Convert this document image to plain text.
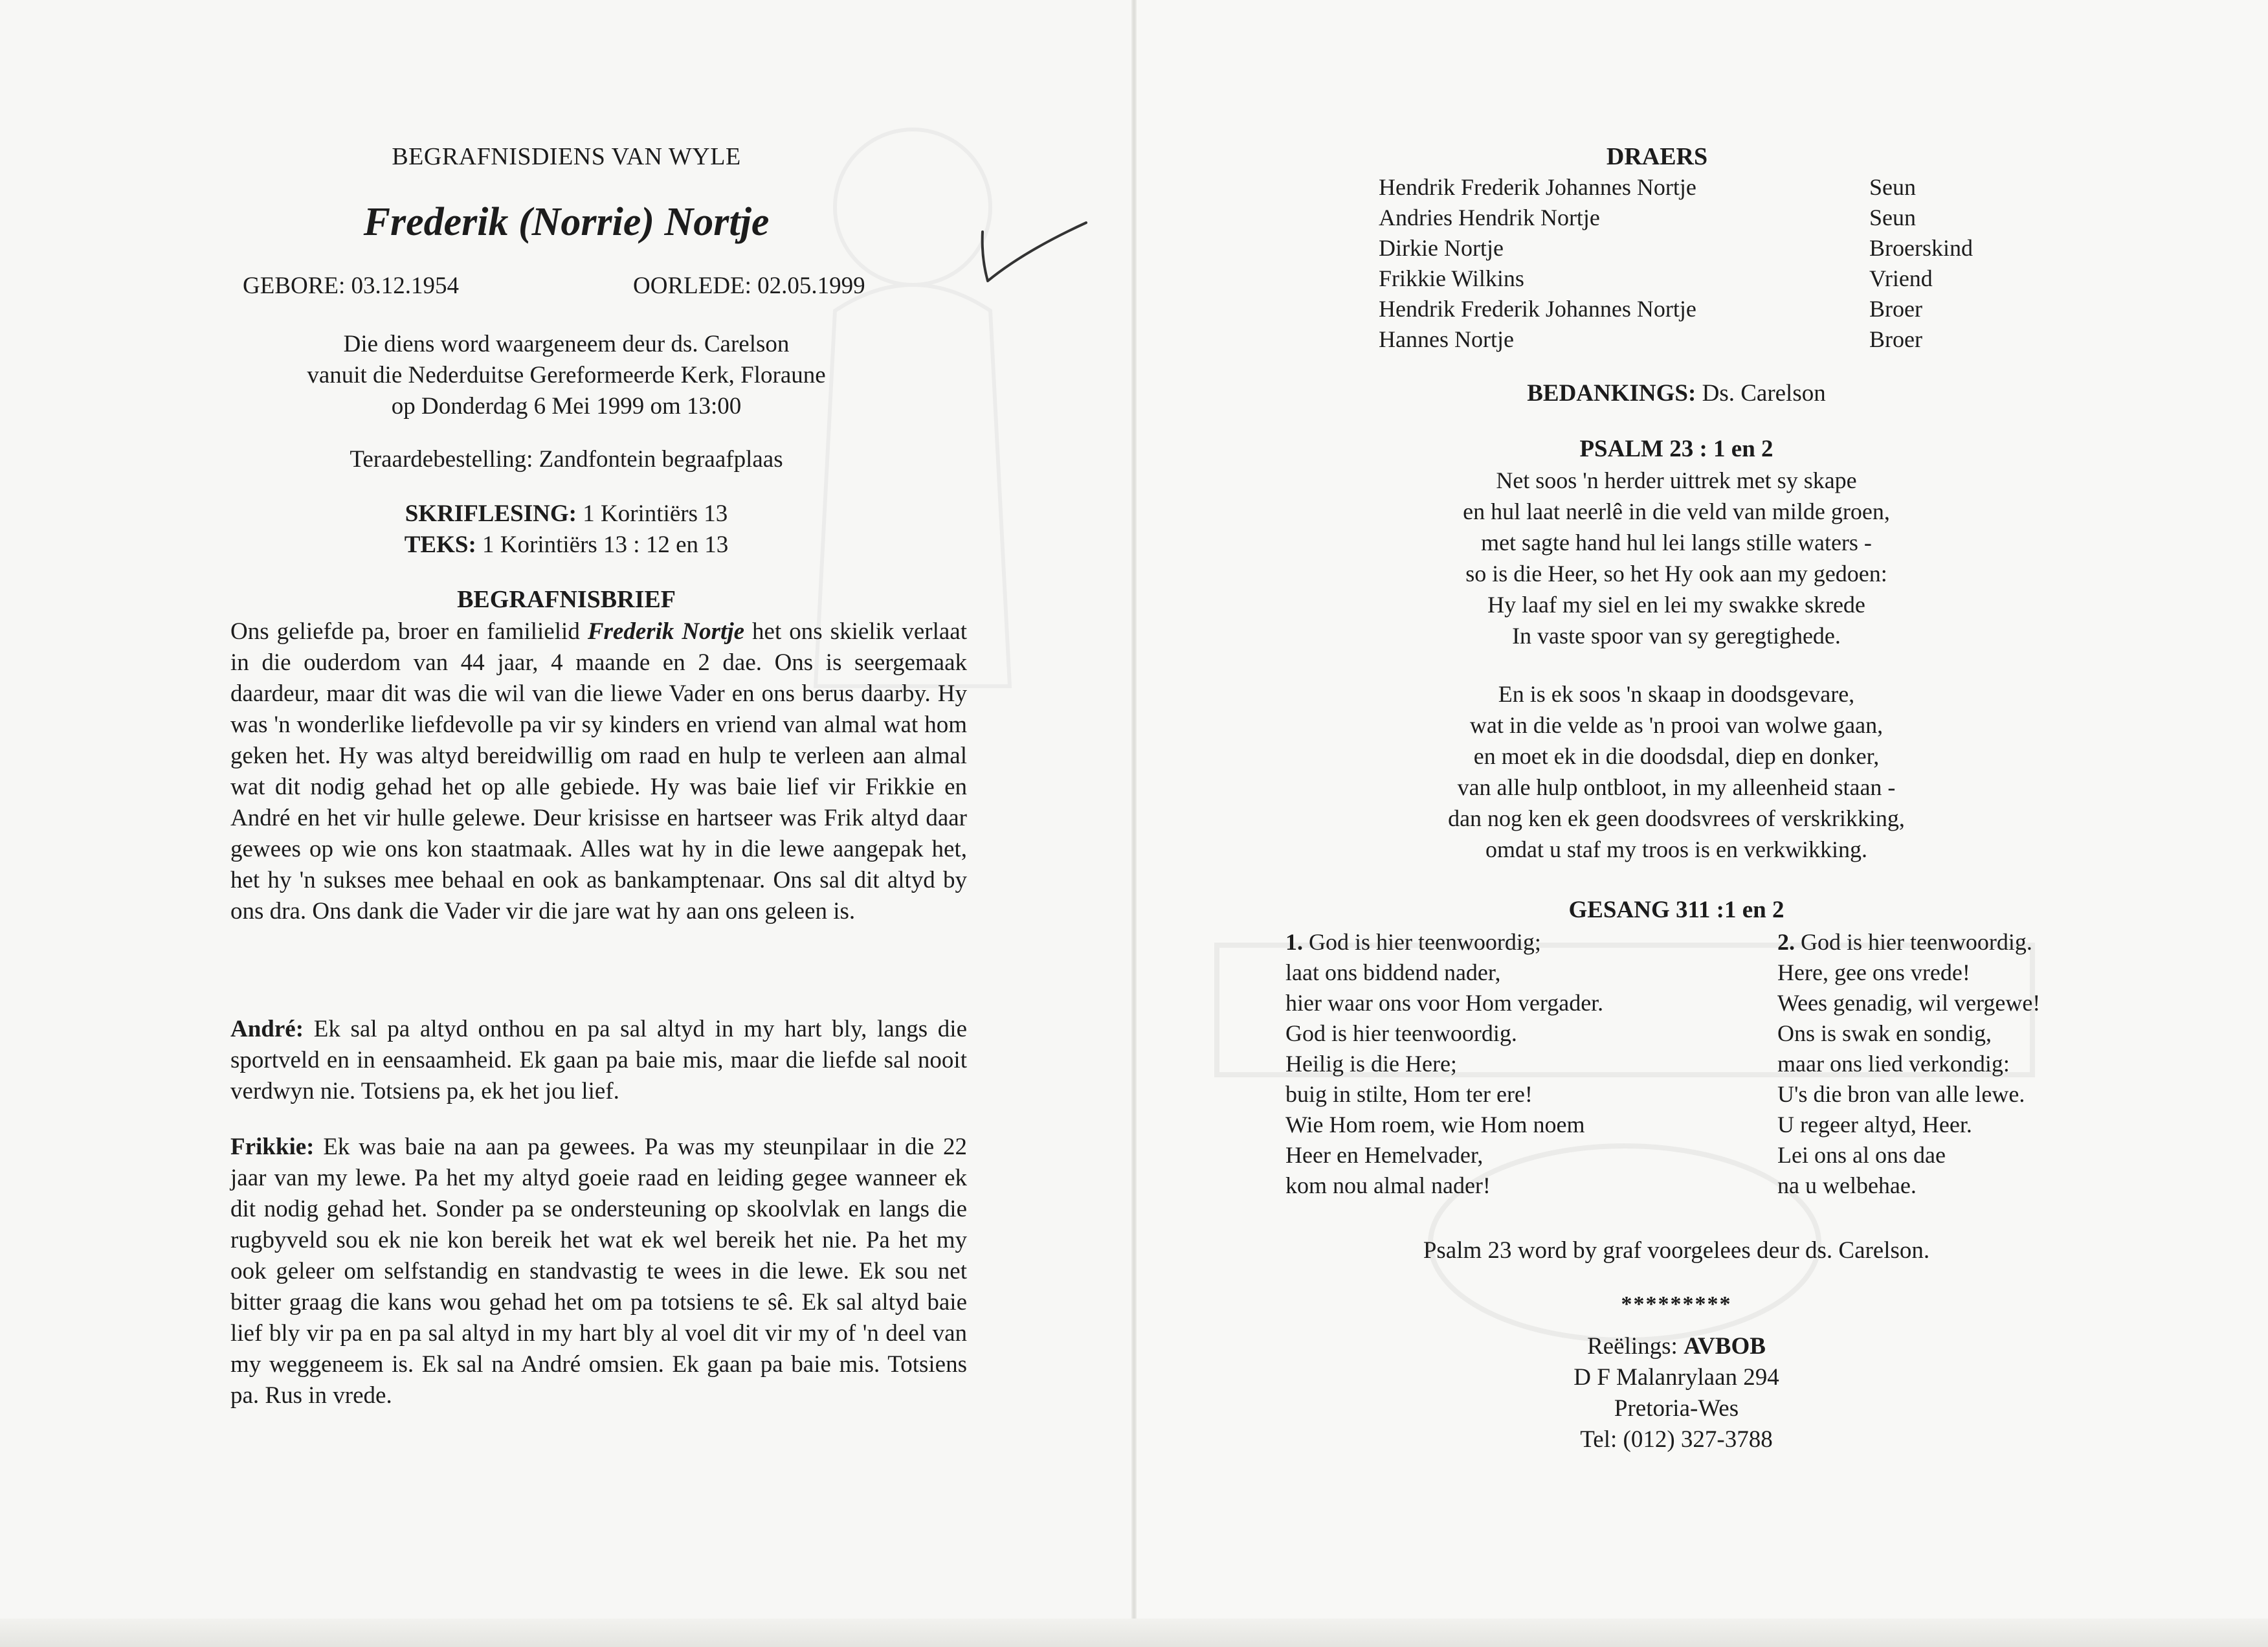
BEGRAFNISDIENS VAN WYLE
Frederik (Norrie) Nortje
GEBORE: 03.12.1954	OORLEDE: 02.05.1999
Die diens word waargeneem deur ds. Carelson
vanuit die Nederduitse Gereformeerde Kerk, Floraune
op Donderdag 6 Mei 1999 om 13:00
Teraardebestelling: Zandfontein begraafplaas
SKRIFLESING: 1 Korintiërs 13
TEKS: 1 Korintiërs 13 : 12 en 13
BEGRAFNISBRIEF
Ons geliefde pa, broer en familielid Frederik Nortje het ons skielik verlaat in die ouderdom van 44 jaar, 4 maande en 2 dae. Ons is seergemaak daardeur, maar dit was die wil van die liewe Vader en ons berus daarby. Hy was 'n wonderlike liefdevolle pa vir sy kinders en vriend van almal wat hom geken het. Hy was altyd bereidwillig om raad en hulp te verleen aan almal wat dit nodig gehad het op alle gebiede. Hy was baie lief vir Frikkie en André en het vir hulle gelewe. Deur krisisse en hartseer was Frik altyd daar gewees op wie ons kon staatmaak. Alles wat hy in die lewe aangepak het, het hy 'n sukses mee behaal en ook as bankamptenaar. Ons sal dit altyd by ons dra. Ons dank die Vader vir die jare wat hy aan ons geleen is.
André: Ek sal pa altyd onthou en pa sal altyd in my hart bly, langs die sportveld en in eensaamheid. Ek gaan pa baie mis, maar die liefde sal nooit verdwyn nie. Totsiens pa, ek het jou lief.
Frikkie: Ek was baie na aan pa gewees. Pa was my steunpilaar in die 22 jaar van my lewe. Pa het my altyd goeie raad en leiding gegee wanneer ek dit nodig gehad het. Sonder pa se ondersteuning op skoolvlak en langs die rugbyveld sou ek nie kon bereik het wat ek wel bereik het nie. Pa het my ook geleer om selfstandig en standvastig te wees in die lewe. Ek sou net bitter graag die kans wou gehad het om pa totsiens te sê. Ek sal altyd baie lief bly vir pa en pa sal altyd in my hart bly al voel dit vir my of 'n deel van my weggeneem is. Ek sal na André omsien. Ek gaan pa baie mis. Totsiens pa. Rus in vrede.
DRAERS
Hendrik Frederik Johannes Nortje	Seun
Andries Hendrik Nortje	Seun
Dirkie Nortje	Broerskind
Frikkie Wilkins	Vriend
Hendrik Frederik Johannes Nortje	Broer
Hannes Nortje	Broer
BEDANKINGS: Ds. Carelson
PSALM 23 : 1 en 2
Net soos 'n herder uittrek met sy skape
en hul laat neerlê in die veld van milde groen,
met sagte hand hul lei langs stille waters -
so is die Heer, so het Hy ook aan my gedoen:
Hy laaf my siel en lei my swakke skrede
In vaste spoor van sy geregtighede.
En is ek soos 'n skaap in doodsgevare,
wat in die velde as 'n prooi van wolwe gaan,
en moet ek in die doodsdal, diep en donker,
van alle hulp ontbloot, in my alleenheid staan -
dan nog ken ek geen doodsvrees of verskrikking,
omdat u staf my troos is en verkwikking.
GESANG 311 :1 en 2
1. God is hier teenwoordig;
laat ons biddend nader,
hier waar ons voor Hom vergader.
God is hier teenwoordig.
Heilig is die Here;
buig in stilte, Hom ter ere!
Wie Hom roem, wie Hom noem
Heer en Hemelvader,
kom nou almal nader!
2. God is hier teenwoordig.
Here, gee ons vrede!
Wees genadig, wil vergewe!
Ons is swak en sondig,
maar ons lied verkondig:
U's die bron van alle lewe.
U regeer altyd, Heer.
Lei ons al ons dae
na u welbehae.
Psalm 23 word by graf voorgelees deur ds. Carelson.
*********
Reëlings: AVBOB
D F Malanrylaan 294
Pretoria-Wes
Tel: (012) 327-3788
